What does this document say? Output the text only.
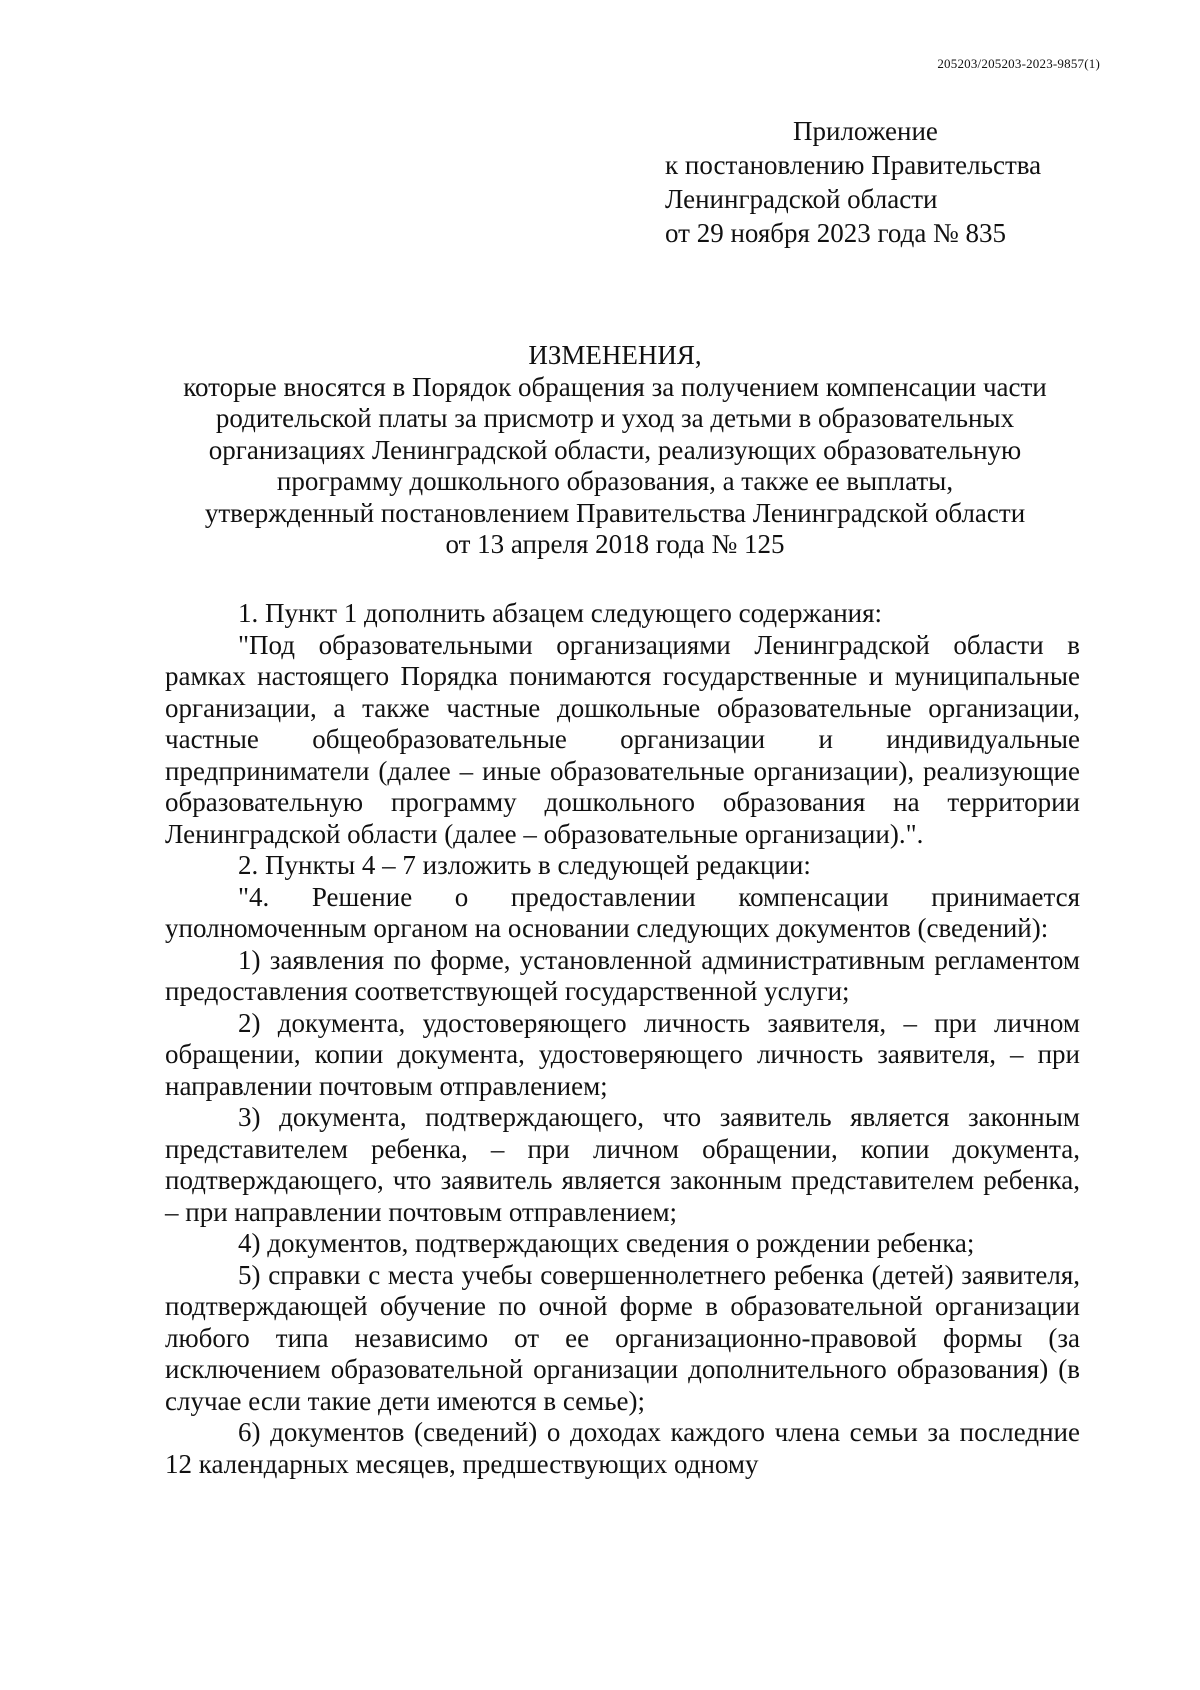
205203/205203-2023-9857(1)
Приложение
к постановлению Правительства
Ленинградской области
от 29 ноября 2023 года № 835
ИЗМЕНЕНИЯ,
которые вносятся в Порядок обращения за получением компенсации части
родительской платы за присмотр и уход за детьми в образовательных
организациях Ленинградской области, реализующих образовательную
программу дошкольного образования, а также ее выплаты,
утвержденный постановлением Правительства Ленинградской области
от 13 апреля 2018 года № 125

1. Пункт 1 дополнить абзацем следующего содержания:

"Под образовательными организациями Ленинградской области в рамках настоящего Порядка понимаются государственные и муниципальные организации, а также частные дошкольные образовательные организации, частные общеобразовательные организации и индивидуальные предприниматели (далее – иные образовательные организации), реализующие образовательную программу дошкольного образования на территории Ленинградской области (далее – образовательные организации).".

2. Пункты 4 – 7 изложить в следующей редакции:

"4. Решение о предоставлении компенсации принимается уполномоченным органом на основании следующих документов (сведений):

1) заявления по форме, установленной административным регламентом предоставления соответствующей государственной услуги;

2) документа, удостоверяющего личность заявителя, – при личном обращении, копии документа, удостоверяющего личность заявителя, – при направлении почтовым отправлением;

3) документа, подтверждающего, что заявитель является законным представителем ребенка, – при личном обращении, копии документа, подтверждающего, что заявитель является законным представителем ребенка, – при направлении почтовым отправлением;

4) документов, подтверждающих сведения о рождении ребенка;

5) справки с места учебы совершеннолетнего ребенка (детей) заявителя, подтверждающей обучение по очной форме в образовательной организации любого типа независимо от ее организационно-правовой формы (за исключением образовательной организации дополнительного образования) (в случае если такие дети имеются в семье);

6) документов (сведений) о доходах каждого члена семьи за последние 12 календарных месяцев, предшествующих одному
